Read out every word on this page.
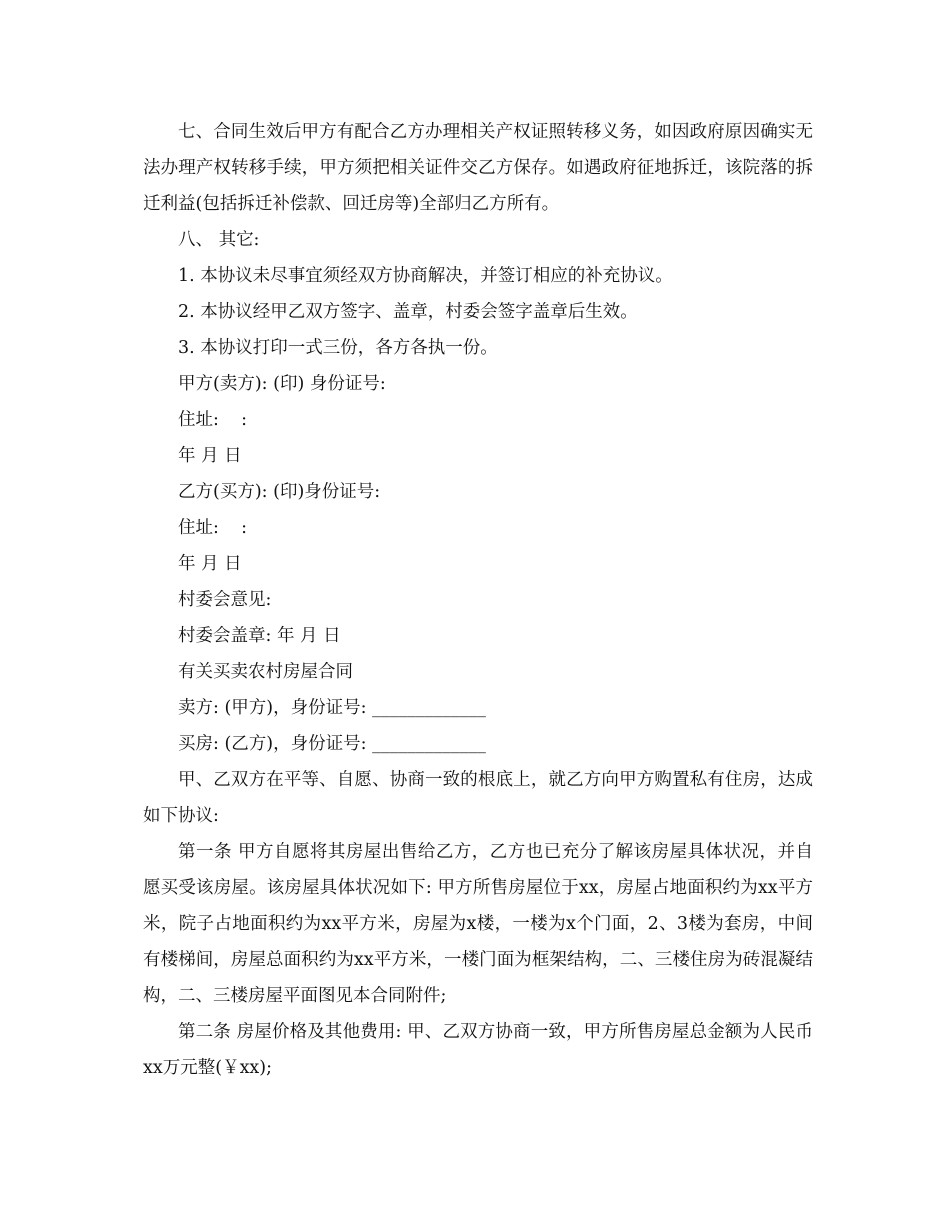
七、合同生效后甲方有配合乙方办理相关产权证照转移义务，如因政府原因确实无法办理产权转移手续，甲方须把相关证件交乙方保存。如遇政府征地拆迁，该院落的拆迁利益(包括拆迁补偿款、回迁房等)全部归乙方所有。

八、 其它:

1. 本协议未尽事宜须经双方协商解决，并签订相应的补充协议。

2. 本协议经甲乙双方签字、盖章，村委会签字盖章后生效。

3. 本协议打印一式三份，各方各执一份。

甲方(卖方): (印) 身份证号:

住址:    :

年 月 日

乙方(买方): (印)身份证号:

住址:    :

年 月 日

村委会意见:

村委会盖章: 年 月 日

有关买卖农村房屋合同

卖方: (甲方)，身份证号: _____________

买房: (乙方)，身份证号: _____________

甲、乙双方在平等、自愿、协商一致的根底上，就乙方向甲方购置私有住房，达成如下协议:

第一条 甲方自愿将其房屋出售给乙方，乙方也已充分了解该房屋具体状况，并自愿买受该房屋。该房屋具体状况如下: 甲方所售房屋位于xx，房屋占地面积约为xx平方米，院子占地面积约为xx平方米，房屋为x楼，一楼为x个门面，2、3楼为套房，中间有楼梯间，房屋总面积约为xx平方米，一楼门面为框架结构，二、三楼住房为砖混凝结构，二、三楼房屋平面图见本合同附件;

第二条 房屋价格及其他费用: 甲、乙双方协商一致，甲方所售房屋总金额为人民币xx万元整(￥xx);
